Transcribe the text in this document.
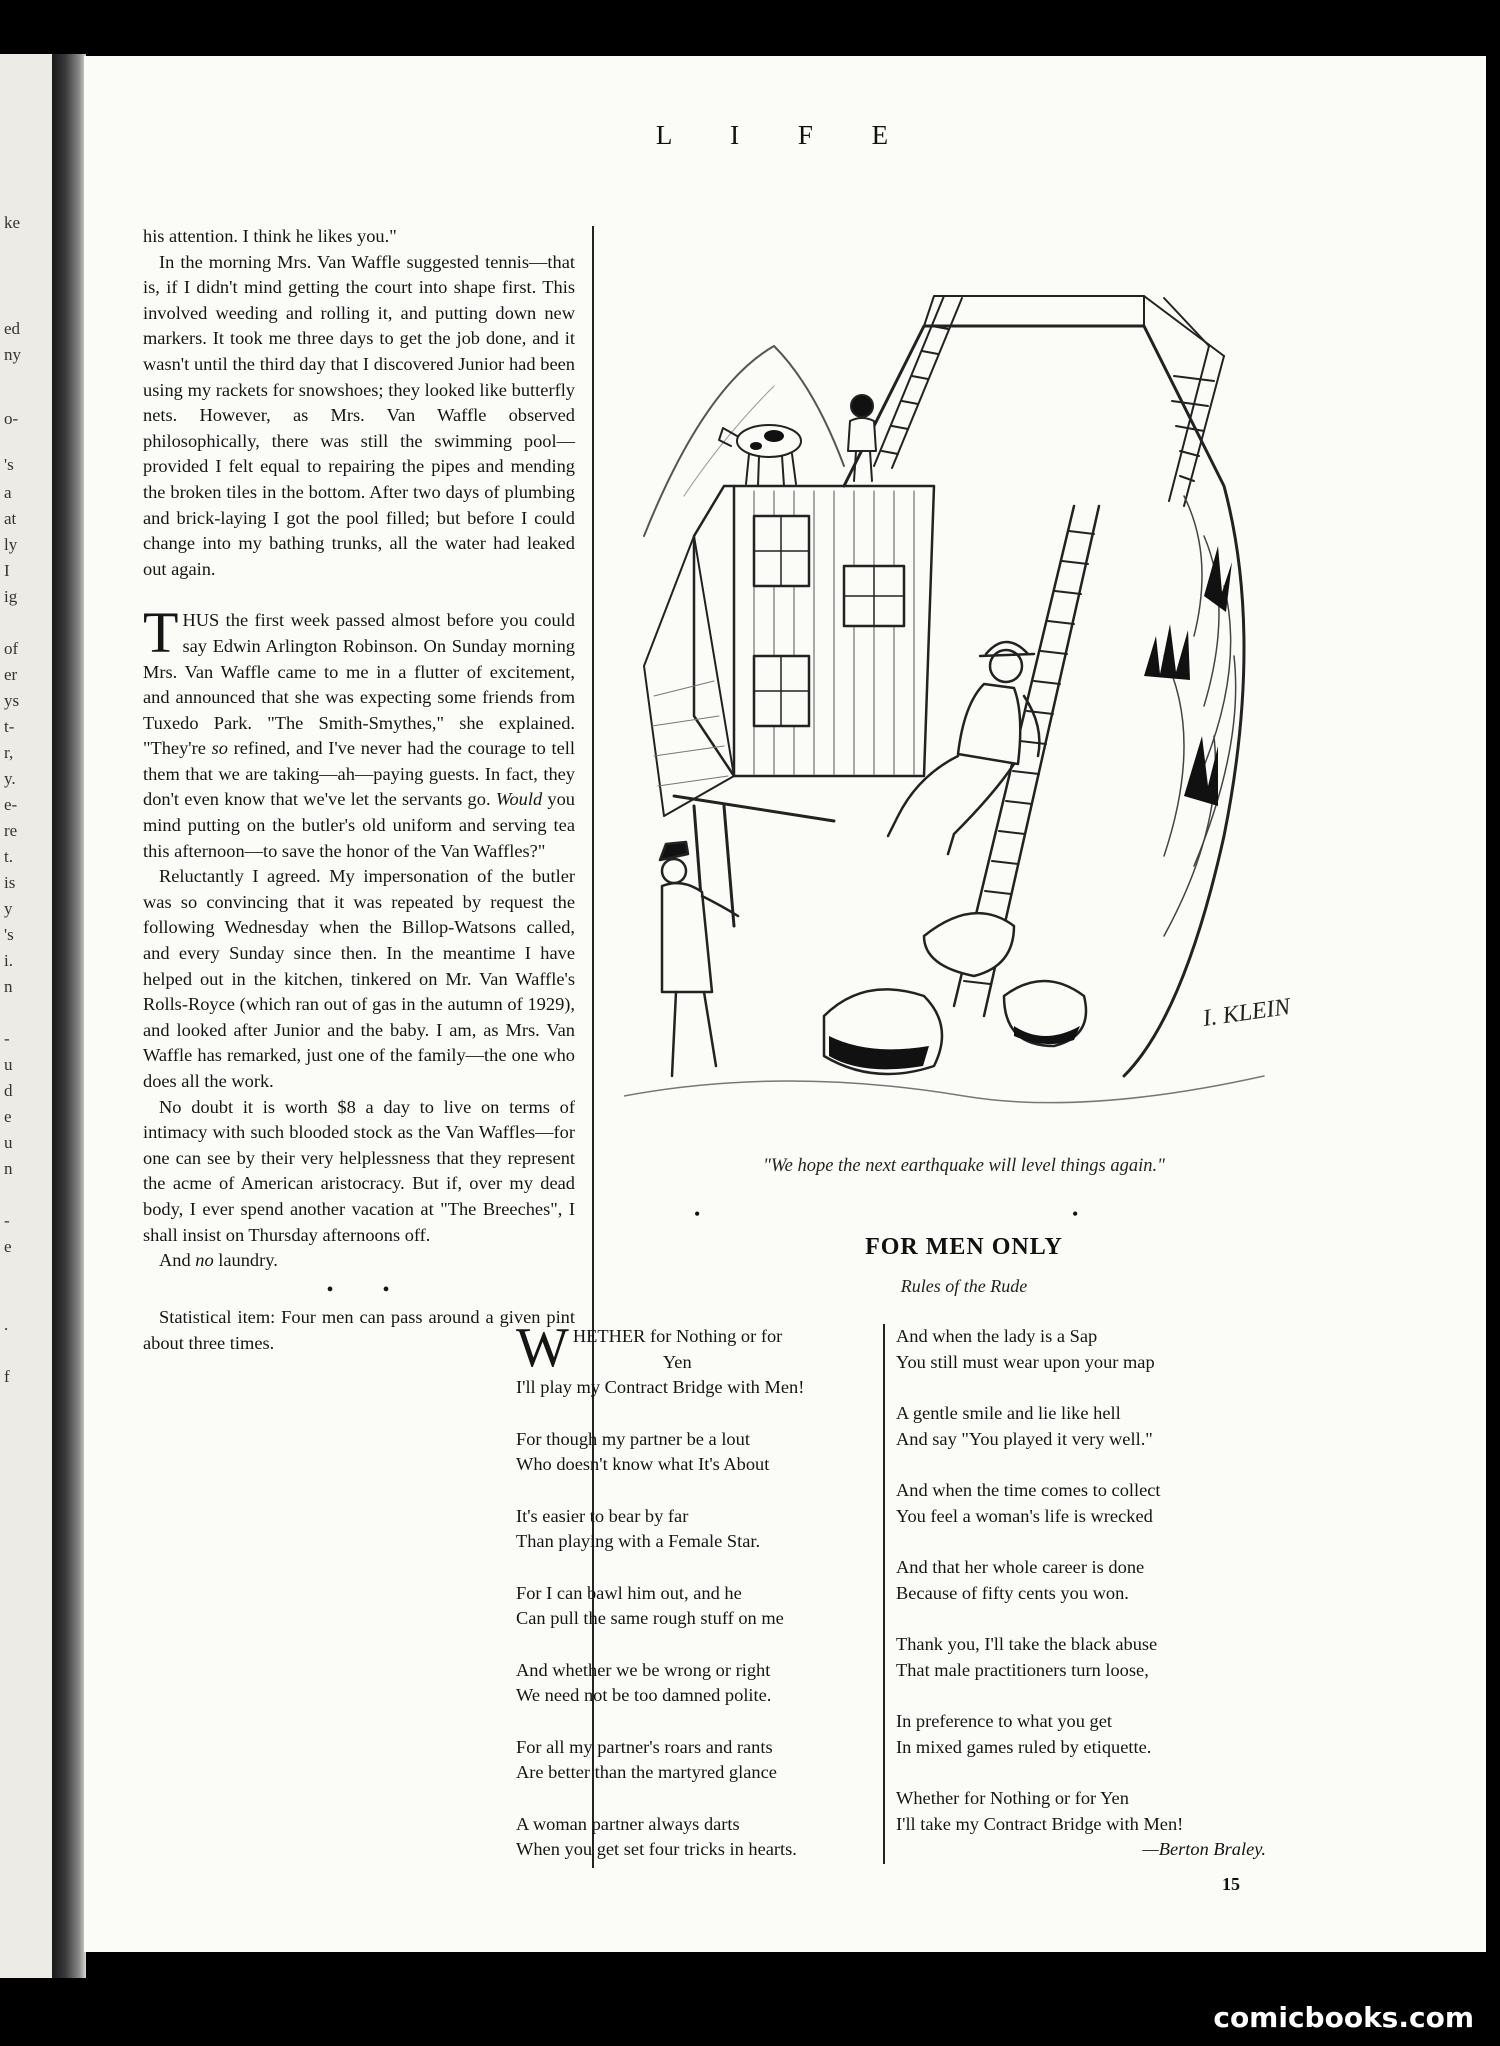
ke
ed
ny
o-
's
a
at
ly
I
ig
of
er
ys
t-
r,
y.
e-
re
t.
is
y
's
i.
n
-
u
d
e
u
n
-
e
.
f
L I F E

his attention. I think he likes you."

In the morning Mrs. Van Waffle suggested tennis—that is, if I didn't mind getting the court into shape first. This involved weeding and rolling it, and putting down new markers. It took me three days to get the job done, and it wasn't until the third day that I discovered Junior had been using my rackets for snowshoes; they looked like butterfly nets. However, as Mrs. Van Waffle observed philosophically, there was still the swimming pool—provided I felt equal to repairing the pipes and mending the broken tiles in the bottom. After two days of plumbing and brick-laying I got the pool filled; but before I could change into my bathing trunks, all the water had leaked out again.

THUS the first week passed almost before you could say Edwin Arlington Robinson. On Sunday morning Mrs. Van Waffle came to me in a flutter of excitement, and announced that she was expecting some friends from Tuxedo Park. "The Smith-Smythes," she explained. "They're so refined, and I've never had the courage to tell them that we are taking—ah—paying guests. In fact, they don't even know that we've let the servants go. Would you mind putting on the butler's old uniform and serving tea this afternoon—to save the honor of the Van Waffles?"

Reluctantly I agreed. My impersonation of the butler was so convincing that it was repeated by request the following Wednesday when the Billop-Watsons called, and every Sunday since then. In the meantime I have helped out in the kitchen, tinkered on Mr. Van Waffle's Rolls-Royce (which ran out of gas in the autumn of 1929), and looked after Junior and the baby. I am, as Mrs. Van Waffle has remarked, just one of the family—the one who does all the work.

No doubt it is worth $8 a day to live on terms of intimacy with such blooded stock as the Van Waffles—for one can see by their very helplessness that they represent the acme of American aristocracy. But if, over my dead body, I ever spend another vacation at "The Breeches", I shall insist on Thursday afternoons off.

And no laundry.

• •

Statistical item: Four men can pass around a given pint about three times.

I. KLEIN
"We hope the next earthquake will level things again."
•	•
FOR MEN ONLY
Rules of the Rude
WHETHER for Nothing or for
Yen
I'll play my Contract Bridge with Men!
For though my partner be a lout
Who doesn't know what It's About
It's easier to bear by far
Than playing with a Female Star.
For I can bawl him out, and he
Can pull the same rough stuff on me
And whether we be wrong or right
We need not be too damned polite.
For all my partner's roars and rants
Are better than the martyred glance
A woman partner always darts
When you get set four tricks in hearts.
And when the lady is a Sap
You still must wear upon your map
A gentle smile and lie like hell
And say "You played it very well."
And when the time comes to collect
You feel a woman's life is wrecked
And that her whole career is done
Because of fifty cents you won.
Thank you, I'll take the black abuse
That male practitioners turn loose,
In preference to what you get
In mixed games ruled by etiquette.
Whether for Nothing or for Yen
I'll take my Contract Bridge with Men!
—Berton Braley.
15
comicbooks.com
